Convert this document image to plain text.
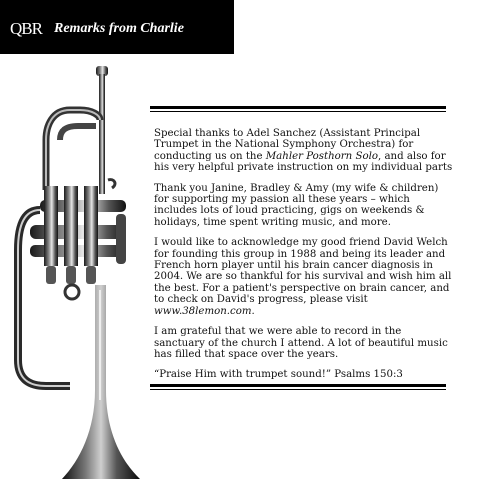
QBR Remarks from Charlie

Special thanks to Adel Sanchez (Assistant Principal Trumpet in the National Symphony Orchestra) for conducting us on the Mahler Posthorn Solo, and also for his very helpful private instruction on my individual parts

Thank you Janine, Bradley & Amy (my wife & children) for supporting my passion all these years – which includes lots of loud practicing, gigs on weekends & holidays, time spent writing music, and more.

I would like to acknowledge my good friend David Welch for founding this group in 1988 and being its leader and French horn player until his brain cancer diagnosis in 2004. We are so thankful for his survival and wish him all the best. For a patient's perspective on brain cancer, and to check on David's progress, please visit www.38lemon.com.

I am grateful that we were able to record in the sanctuary of the church I attend. A lot of beautiful music has filled that space over the years.

“Praise Him with trumpet sound!” Psalms 150:3
